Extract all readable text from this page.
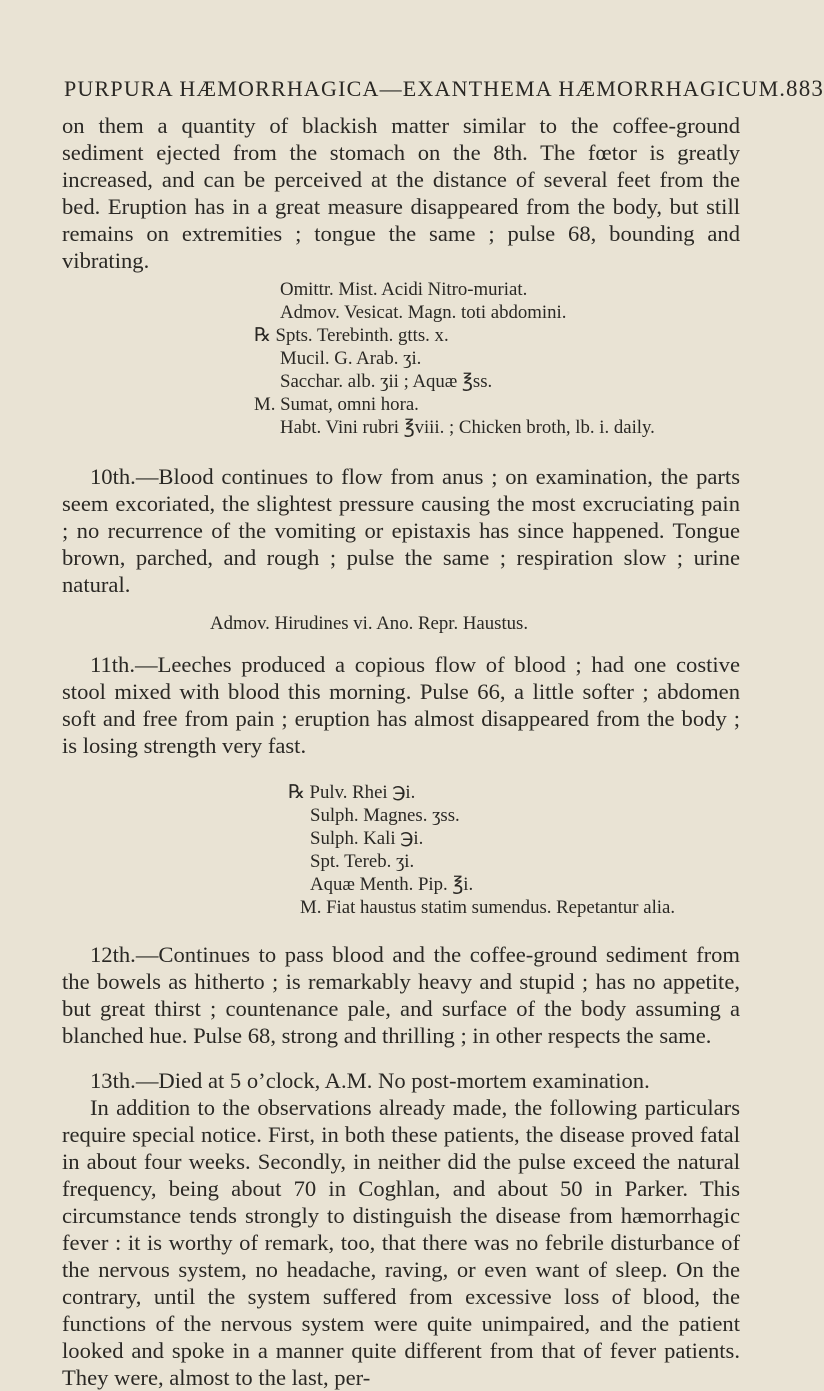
PURPURA HÆMORRHAGICA—EXANTHEMA HÆMORRHAGICUM. 883

on them a quantity of blackish matter similar to the coffee-ground sediment ejected from the stomach on the 8th. The fœtor is greatly increased, and can be perceived at the distance of several feet from the bed. Eruption has in a great measure disappeared from the body, but still remains on extremities ; tongue the same ; pulse 68, bounding and vibrating.

Omittr. Mist. Acidi Nitro-muriat.
Admov. Vesicat. Magn. toti abdomini.
℞ Spts. Terebinth. gtts. x.
Mucil. G. Arab. ʒi.
Sacchar. alb. ʒii ; Aquæ ℥ss.
M. Sumat, omni hora.
Habt. Vini rubri ℥viii. ; Chicken broth, lb. i. daily.

10th.—Blood continues to flow from anus ; on examination, the parts seem excoriated, the slightest pressure causing the most excruciating pain ; no recurrence of the vomiting or epistaxis has since happened. Tongue brown, parched, and rough ; pulse the same ; respiration slow ; urine natural.

Admov. Hirudines vi. Ano. Repr. Haustus.

11th.—Leeches produced a copious flow of blood ; had one costive stool mixed with blood this morning. Pulse 66, a little softer ; abdomen soft and free from pain ; eruption has almost disappeared from the body ; is losing strength very fast.

℞ Pulv. Rhei ℈i.
Sulph. Magnes. ʒss.
Sulph. Kali ℈i.
Spt. Tereb. ʒi.
Aquæ Menth. Pip. ℥i.
M. Fiat haustus statim sumendus. Repetantur alia.

12th.—Continues to pass blood and the coffee-ground sediment from the bowels as hitherto ; is remarkably heavy and stupid ; has no appetite, but great thirst ; countenance pale, and surface of the body assuming a blanched hue. Pulse 68, strong and thrilling ; in other respects the same.

13th.—Died at 5 o’clock, A.M. No post-mortem examination.

In addition to the observations already made, the following particulars require special notice. First, in both these patients, the disease proved fatal in about four weeks. Secondly, in neither did the pulse exceed the natural frequency, being about 70 in Coghlan, and about 50 in Parker. This circumstance tends strongly to distinguish the disease from hæmorrhagic fever : it is worthy of remark, too, that there was no febrile disturbance of the nervous system, no headache, raving, or even want of sleep. On the contrary, until the system suffered from excessive loss of blood, the functions of the nervous system were quite unimpaired, and the patient looked and spoke in a manner quite different from that of fever patients. They were, almost to the last, per-
